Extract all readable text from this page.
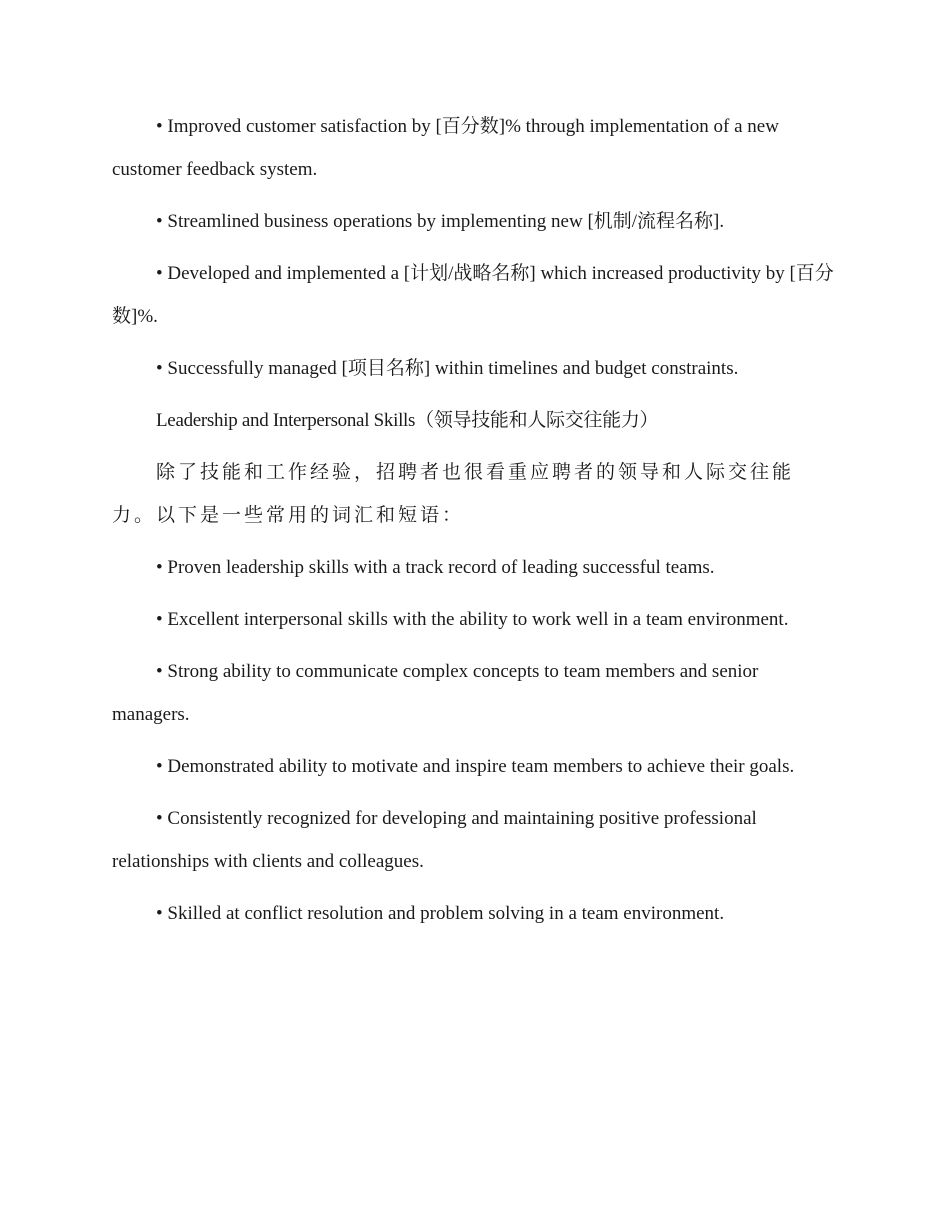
• Improved customer satisfaction by [百分数]% through implementation of a new customer feedback system.

• Streamlined business operations by implementing new [机制/流程名称].

• Developed and implemented a [计划/战略名称] which increased productivity by [百分数]%.

• Successfully managed [项目名称] within timelines and budget constraints.

Leadership and Interpersonal Skills（领导技能和人际交往能力）

除了技能和工作经验，招聘者也很看重应聘者的领导和人际交往能力。以下是一些常用的词汇和短语：

• Proven leadership skills with a track record of leading successful teams.

• Excellent interpersonal skills with the ability to work well in a team environment.

• Strong ability to communicate complex concepts to team members and senior managers.

• Demonstrated ability to motivate and inspire team members to achieve their goals.

• Consistently recognized for developing and maintaining positive professional relationships with clients and colleagues.

• Skilled at conflict resolution and problem solving in a team environment.
